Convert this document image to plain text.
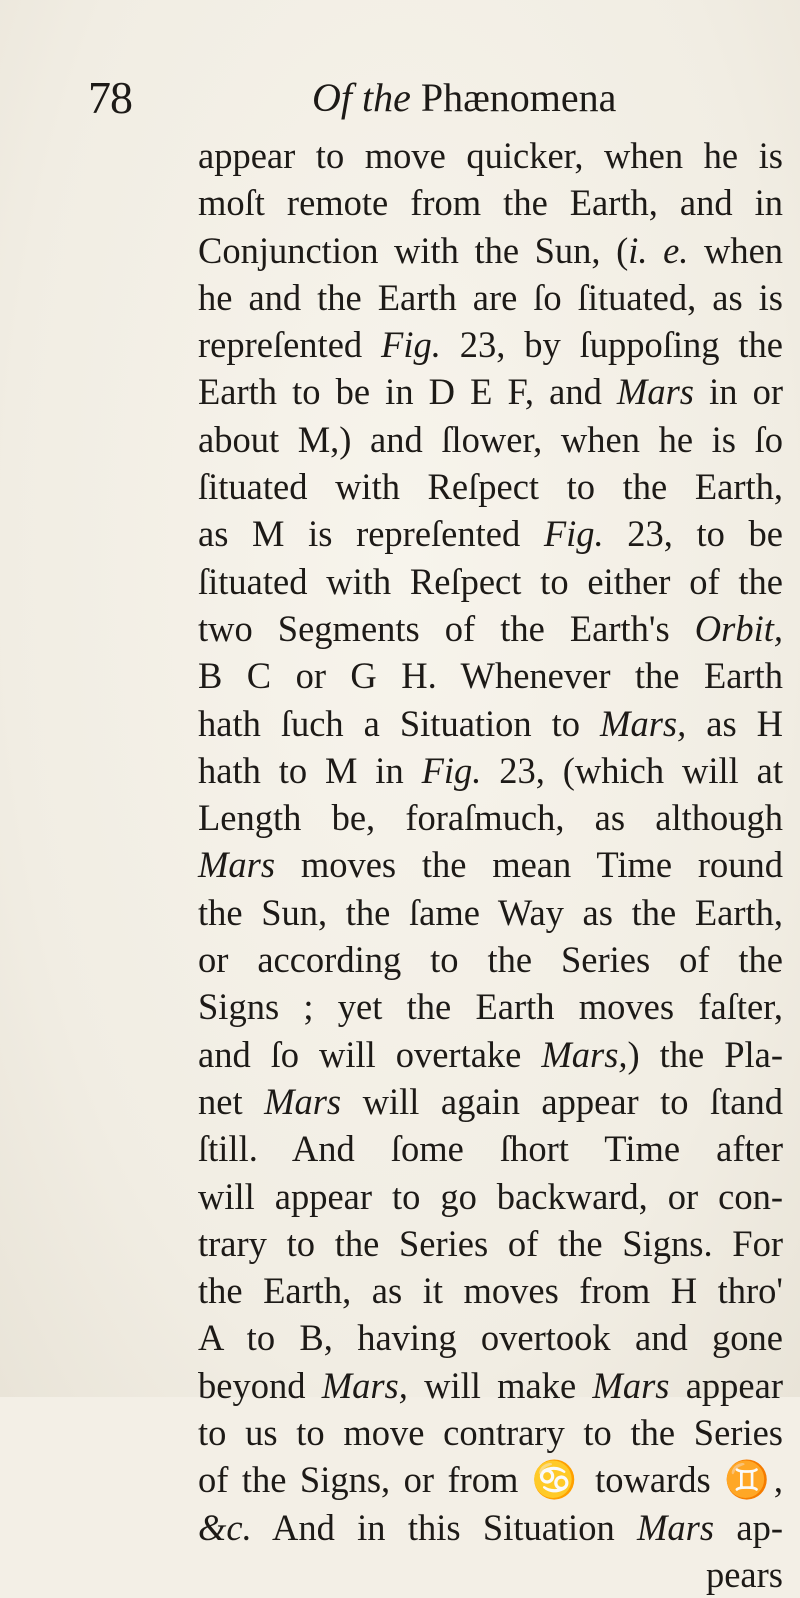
78	Of the Phænomena
appear to move quicker, when he is
moſt remote from the Earth, and in
Conjunction with the Sun, (i. e. when
he and the Earth are ſo ſituated, as is
repreſented Fig. 23, by ſuppoſing the
Earth to be in D E F, and Mars in or
about M,) and ſlower, when he is ſo
ſituated with Reſpect to the Earth,
as M is repreſented Fig. 23, to be
ſituated with Reſpect to either of the
two Segments of the Earth's Orbit,
B C or G H. Whenever the Earth
hath ſuch a Situation to Mars, as H
hath to M in Fig. 23, (which will at
Length be, foraſmuch, as although
Mars moves the mean Time round
the Sun, the ſame Way as the Earth,
or according to the Series of the
Signs ; yet the Earth moves faſter,
and ſo will overtake Mars,) the Pla-
net Mars will again appear to ſtand
ſtill. And ſome ſhort Time after
will appear to go backward, or con-
trary to the Series of the Signs. For
the Earth, as it moves from H thro'
A to B, having overtook and gone
beyond Mars, will make Mars appear
to us to move contrary to the Series
of the Signs, or from ♋ towards ♊,
&c. And in this Situation Mars ap-
pears
